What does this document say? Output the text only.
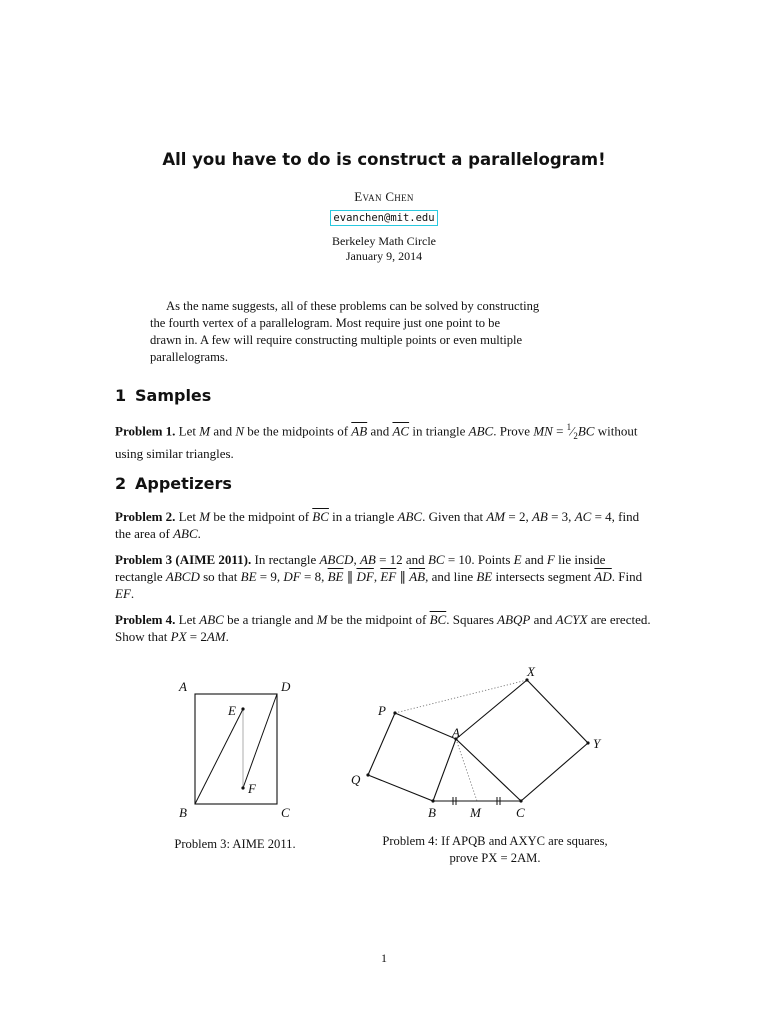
All you have to do is construct a parallelogram!
Evan Chen
evanchen@mit.edu
Berkeley Math Circle
January 9, 2014
As the name suggests, all of these problems can be solved by constructing
the fourth vertex of a parallelogram. Most require just one point to be
drawn in. A few will require constructing multiple points or even multiple
parallelograms.
1 Samples
Problem 1. Let M and N be the midpoints of $\overline{AB}$ and $\overline{AC}$ in triangle ABC. Prove MN = $^1⁄_2BC$ without using similar triangles.
2 Appetizers
Problem 2. Let M be the midpoint of $\overline{BC}$ in a triangle ABC. Given that AM = 2, AB = 3, AC = 4, find the area of ABC.
Problem 3 (AIME 2011). In rectangle ABCD, AB = 12 and BC = 10. Points E and F lie inside rectangle ABCD so that BE = 9, DF = 8, $\overline{BE}$ ∥ $\overline{DF}$, $\overline{EF}$ ∥ $\overline{AB}$, and line BE intersects segment $\overline{AD}$. Find EF.
Problem 4. Let ABC be a triangle and M be the midpoint of $\overline{BC}$. Squares ABQP and ACYX are erected. Show that PX = 2AM.
A
B	C
D
E
F
Problem 3: AIME 2011.
X
P
A
Y
Q
B	M	C
Problem 4: If APQB and AXYC are squares,
prove PX = 2AM.
1
